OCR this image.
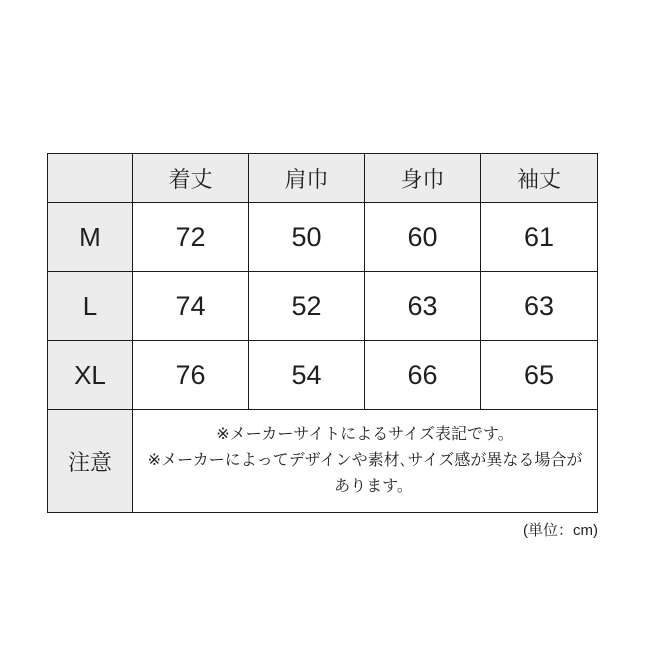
	着丈	肩巾	身巾	袖丈
M	72	50	60	61
L	74	52	63	63
XL	76	54	66	65
注意	※メーカーサイトによるサイズ表記です。
※メーカーによってデザインや素材､サイズ感が異なる場合が
あります。			
(単位：cm)
